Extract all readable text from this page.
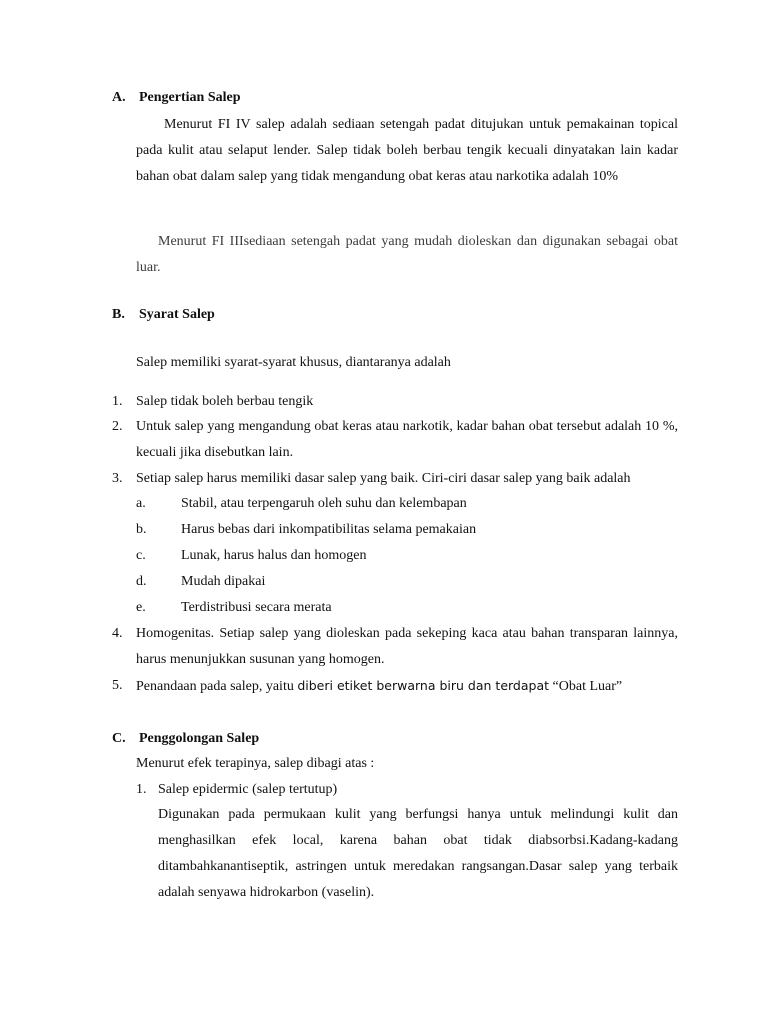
A. Pengertian Salep
Menurut FI IV salep adalah sediaan setengah padat ditujukan untuk pemakainan topical pada kulit atau selaput lender. Salep tidak boleh berbau tengik kecuali dinyatakan lain kadar bahan obat dalam salep yang tidak mengandung obat keras atau narkotika adalah 10%
Menurut FI IIIsediaan setengah padat yang mudah dioleskan dan digunakan sebagai obat luar.
B. Syarat Salep
Salep memiliki syarat-syarat khusus, diantaranya adalah
1. Salep tidak boleh berbau tengik
2. Untuk salep yang mengandung obat keras atau narkotik, kadar bahan obat tersebut adalah 10 %, kecuali jika disebutkan lain.
3. Setiap salep harus memiliki dasar salep yang baik. Ciri-ciri dasar salep yang baik adalah
a.	Stabil, atau terpengaruh oleh suhu dan kelembapan
b. Harus bebas dari inkompatibilitas selama pemakaian
c.	Lunak, harus halus dan homogen
d. Mudah dipakai
e.	Terdistribusi secara merata
4. Homogenitas. Setiap salep yang dioleskan pada sekeping kaca atau bahan transparan lainnya, harus menunjukkan susunan yang homogen.
5. Penandaan pada salep, yaitu diberi etiket berwarna biru dan terdapat “Obat Luar”
C. Penggolongan Salep
Menurut efek terapinya, salep dibagi atas :
1. Salep epidermic (salep tertutup)
Digunakan pada permukaan kulit yang berfungsi hanya untuk melindungi kulit dan menghasilkan efek local, karena bahan obat tidak diabsorbsi.Kadang-kadang ditambahkanantiseptik, astringen untuk meredakan rangsangan.Dasar salep yang terbaik adalah senyawa hidrokarbon (vaselin).
